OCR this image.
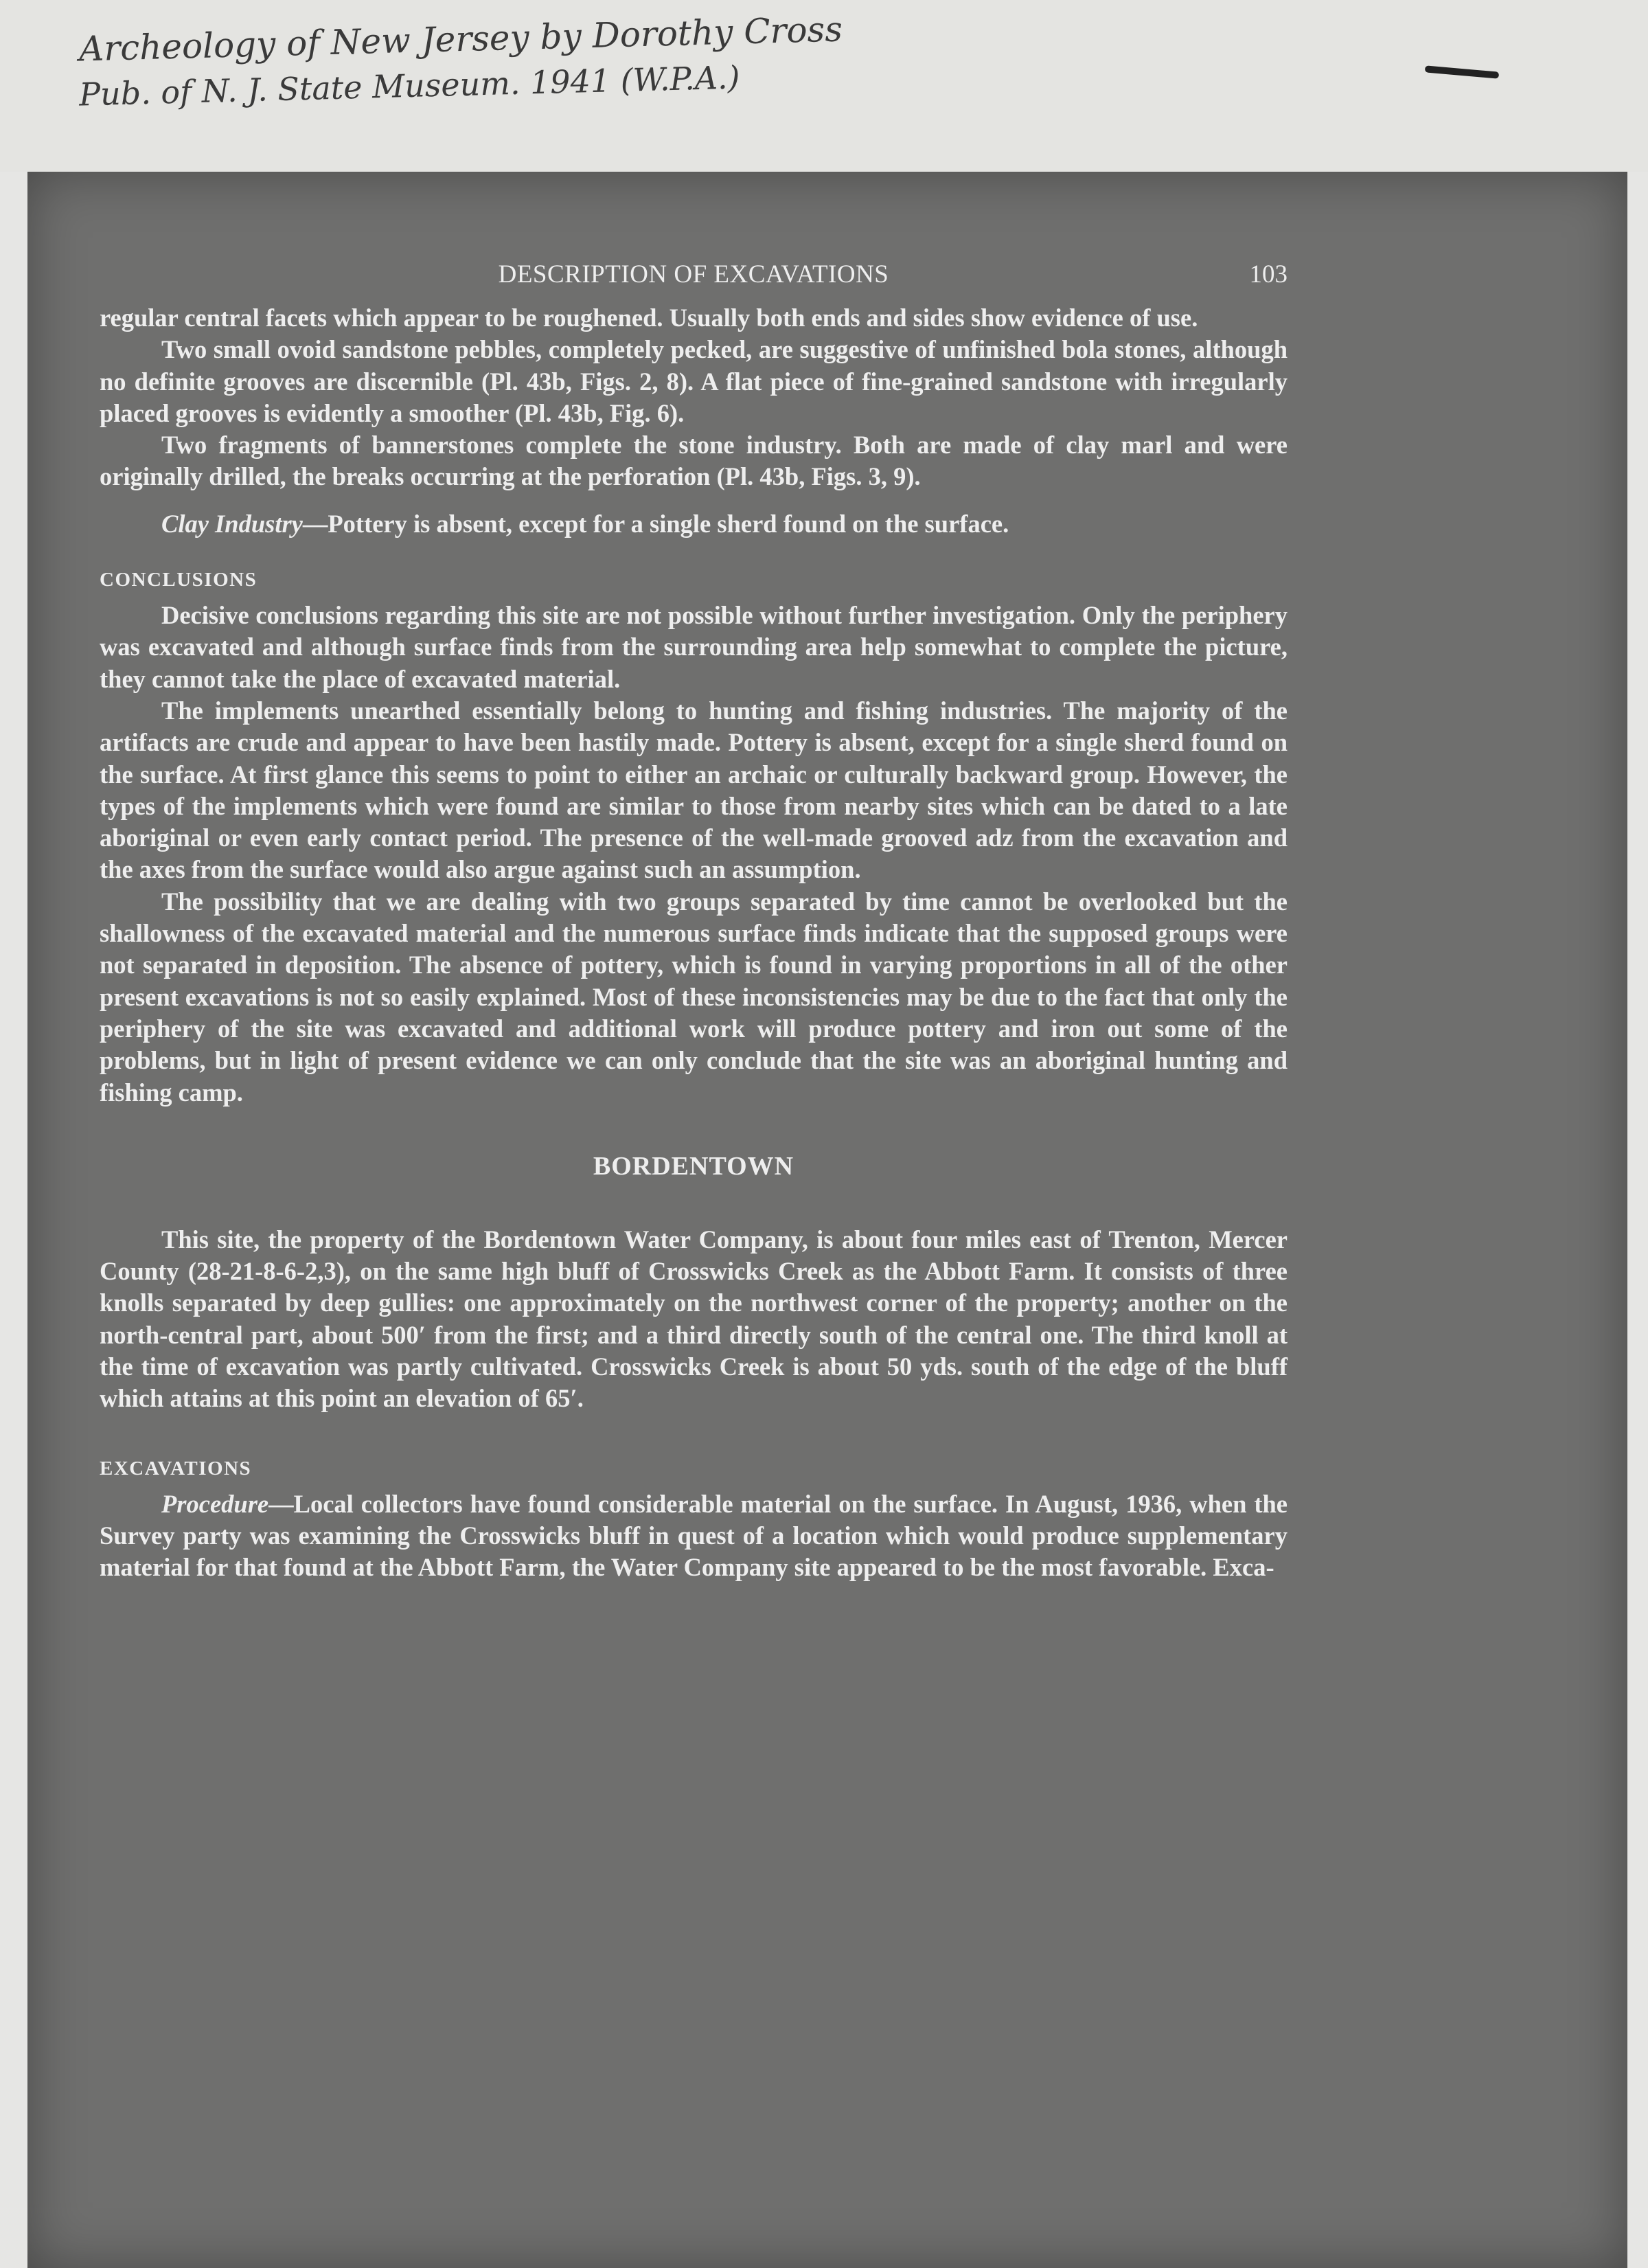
Archeology of New Jersey by Dorothy Cross
Pub. of N. J. State Museum. 1941 (W.P.A.)
DESCRIPTION OF EXCAVATIONS	103

regular central facets which appear to be roughened. Usually both ends and sides show evidence of use.

Two small ovoid sandstone pebbles, completely pecked, are suggestive of unfinished bola stones, although no definite grooves are discernible (Pl. 43b, Figs. 2, 8). A flat piece of fine-grained sandstone with irregularly placed grooves is evidently a smoother (Pl. 43b, Fig. 6).

Two fragments of bannerstones complete the stone industry. Both are made of clay marl and were originally drilled, the breaks occurring at the perforation (Pl. 43b, Figs. 3, 9).

Clay Industry—Pottery is absent, except for a single sherd found on the surface.

CONCLUSIONS

Decisive conclusions regarding this site are not possible without further investigation. Only the periphery was excavated and although surface finds from the surrounding area help somewhat to complete the picture, they cannot take the place of excavated material.

The implements unearthed essentially belong to hunting and fishing industries. The majority of the artifacts are crude and appear to have been hastily made. Pottery is absent, except for a single sherd found on the surface. At first glance this seems to point to either an archaic or culturally backward group. However, the types of the implements which were found are similar to those from nearby sites which can be dated to a late aboriginal or even early contact period. The presence of the well-made grooved adz from the excavation and the axes from the surface would also argue against such an assumption.

The possibility that we are dealing with two groups separated by time cannot be overlooked but the shallowness of the excavated material and the numerous surface finds indicate that the supposed groups were not separated in deposition. The absence of pottery, which is found in varying proportions in all of the other present excavations is not so easily explained. Most of these inconsistencies may be due to the fact that only the periphery of the site was excavated and additional work will produce pottery and iron out some of the problems, but in light of present evidence we can only conclude that the site was an aboriginal hunting and fishing camp.

BORDENTOWN

This site, the property of the Bordentown Water Company, is about four miles east of Trenton, Mercer County (28-21-8-6-2,3), on the same high bluff of Crosswicks Creek as the Abbott Farm. It consists of three knolls separated by deep gullies: one approximately on the northwest corner of the property; another on the north-central part, about 500′ from the first; and a third directly south of the central one. The third knoll at the time of excavation was partly cultivated. Crosswicks Creek is about 50 yds. south of the edge of the bluff which attains at this point an elevation of 65′.

EXCAVATIONS

Procedure—Local collectors have found considerable material on the surface. In August, 1936, when the Survey party was examining the Crosswicks bluff in quest of a location which would produce supplementary material for that found at the Abbott Farm, the Water Company site appeared to be the most favorable. Exca-
